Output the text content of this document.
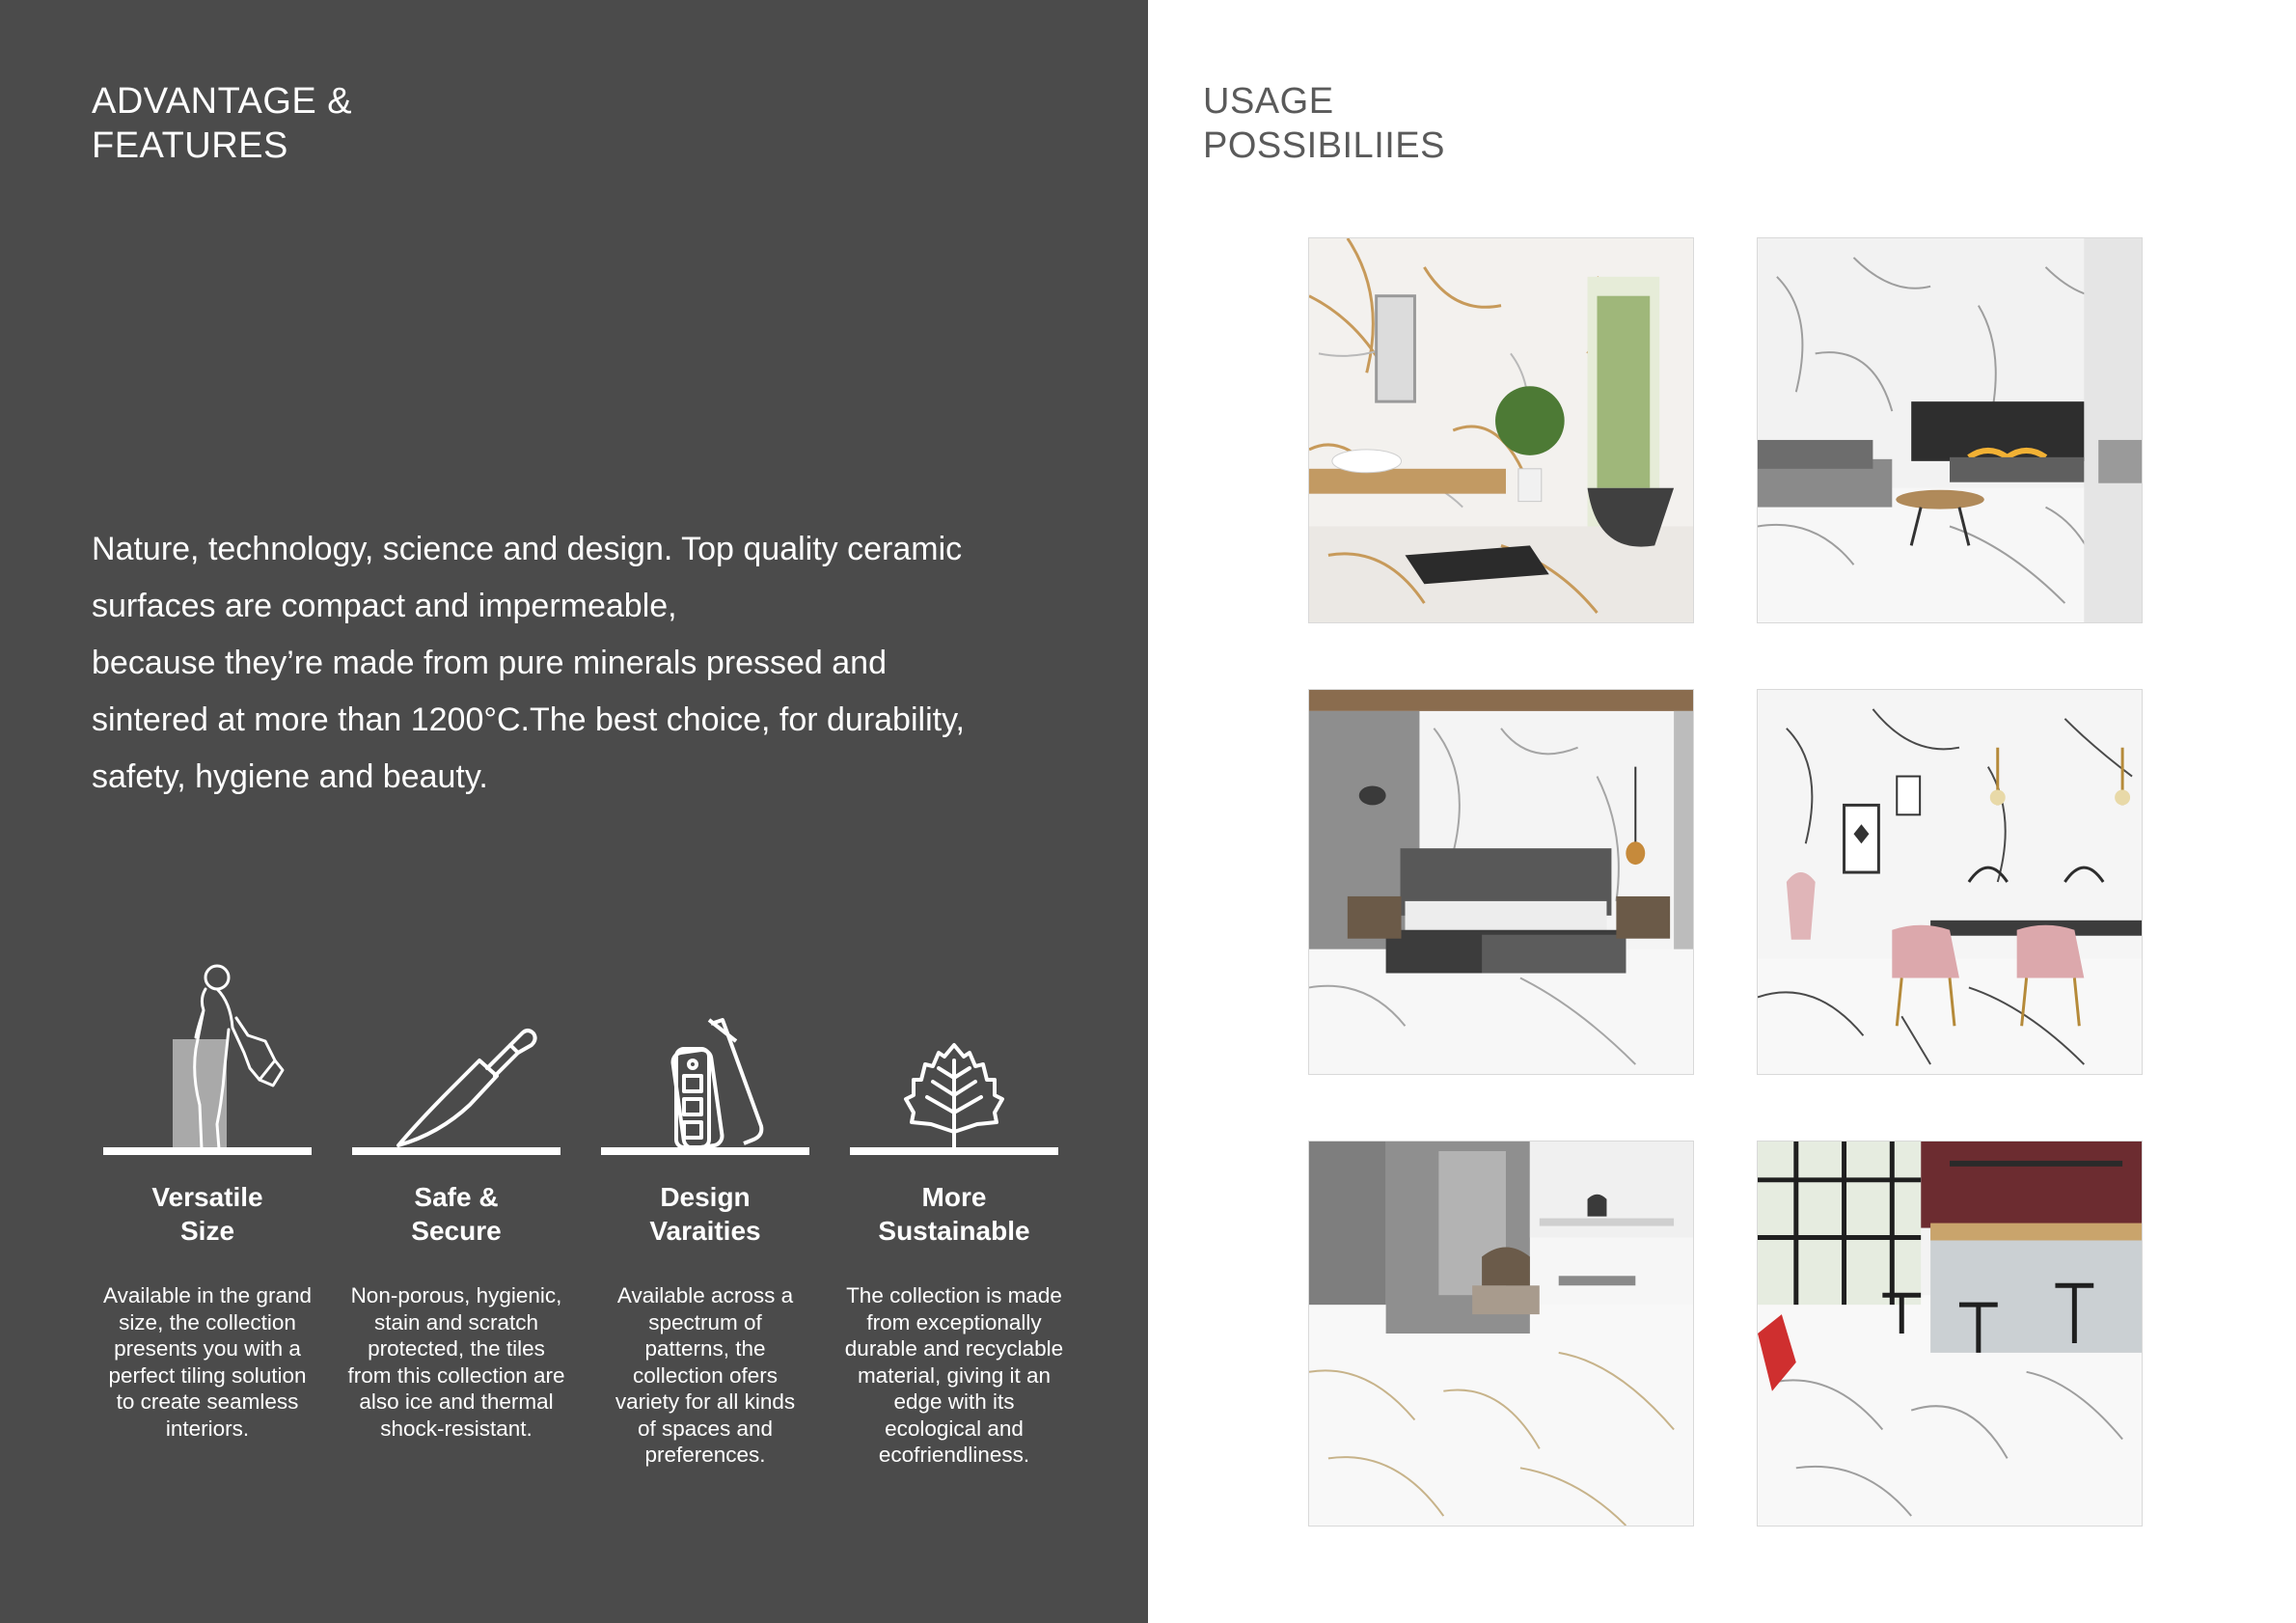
ADVANTAGE &
FEATURES
Nature, technology, science and design. Top quality ceramic
surfaces are compact and impermeable,
because they’re made from pure minerals pressed and
sintered at more than 1200°C.The best choice, for durability,
safety, hygiene and beauty.
Versatile
Size
Available in the grand
size, the collection
presents you with a
perfect tiling solution
to create seamless
interiors.
Safe &
Secure
Non-porous, hygienic,
stain and scratch
protected, the tiles
from this collection are
also ice and thermal
shock-resistant.
Design
Varaities
Available across a
spectrum of
patterns, the
collection ofers
variety for all kinds
of spaces and
preferences.
More
Sustainable
The collection is made
from exceptionally
durable and recyclable
material, giving it an
edge with its
ecological and
ecofriendliness.
USAGE
POSSIBILIIES
